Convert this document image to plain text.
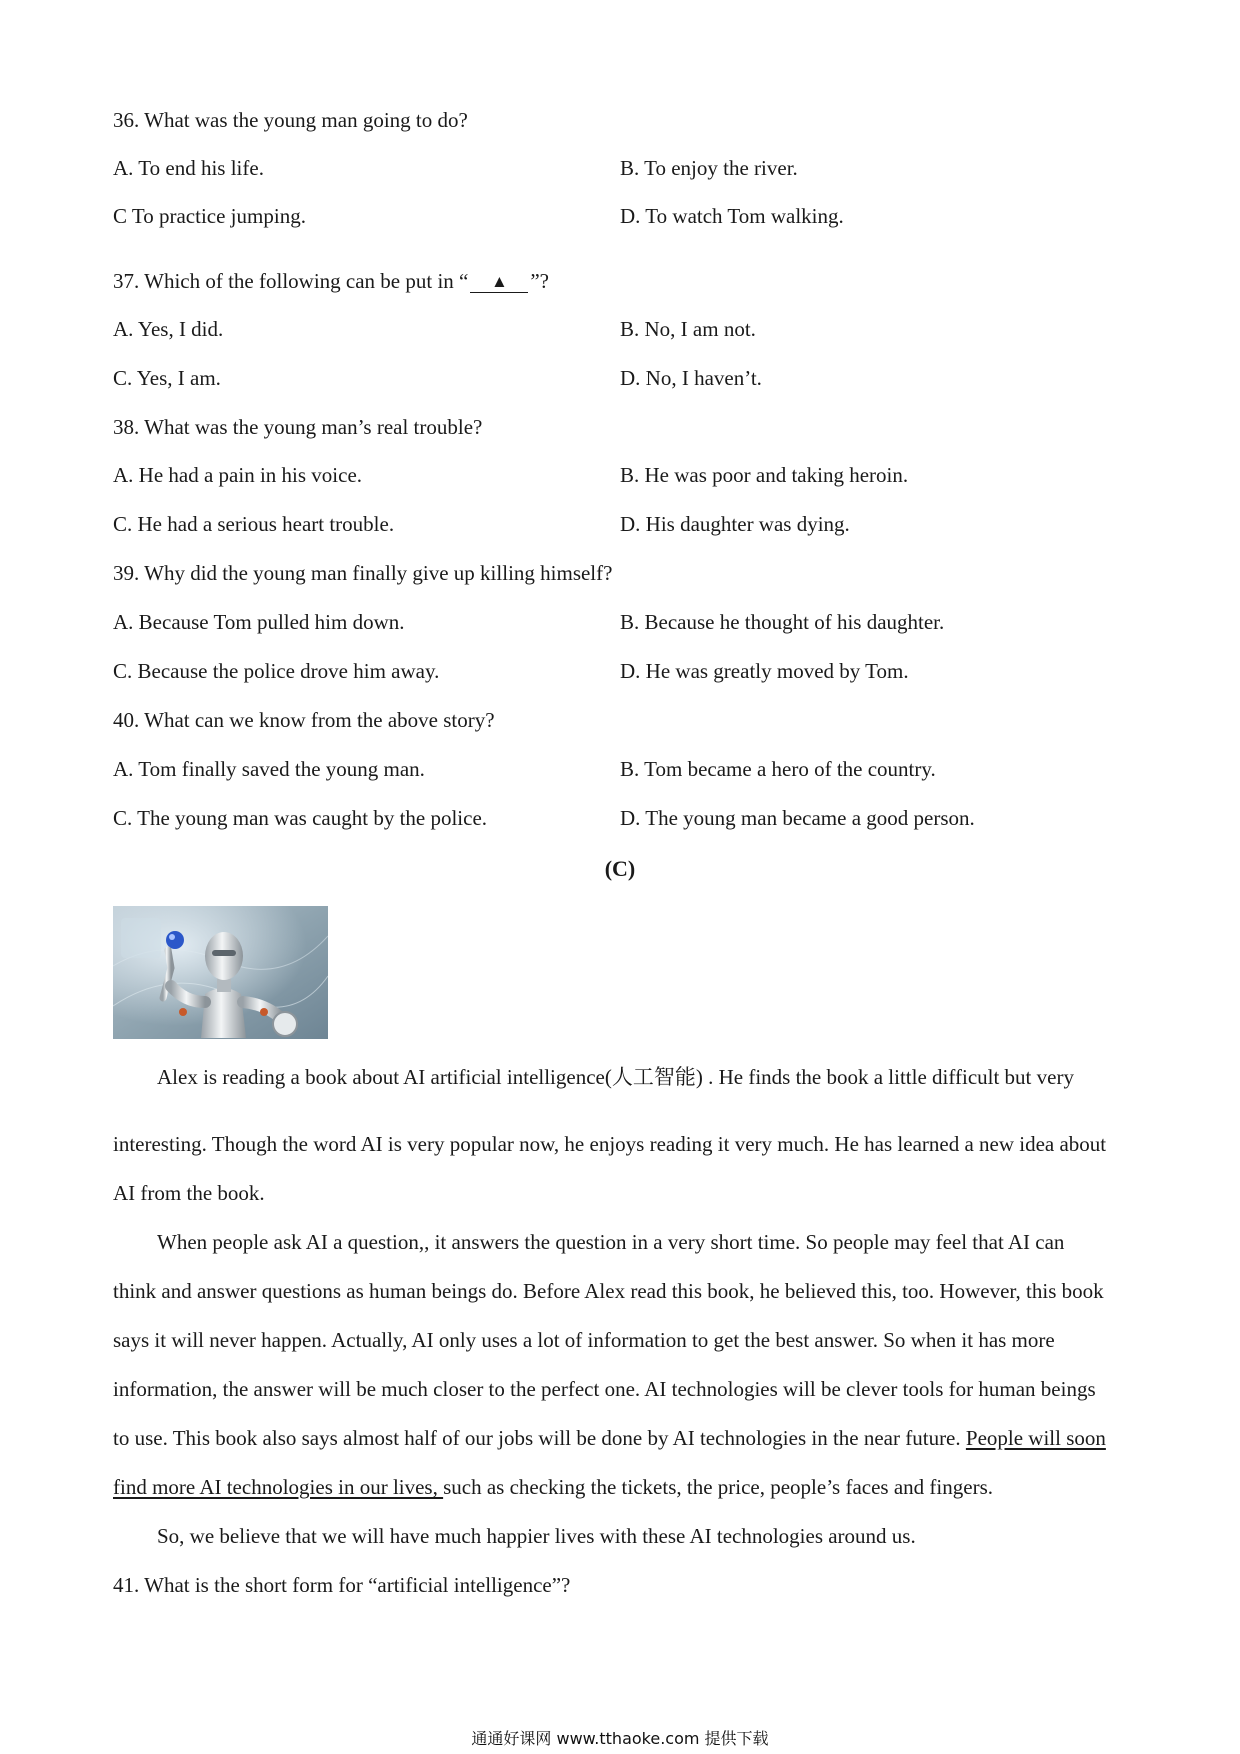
36. What was the young man going to do?
A. To end his life.	B. To enjoy the river.
C To practice jumping.	D. To watch Tom walking.
37. Which of the following can be put in “ ▲ ”?
A. Yes, I did.	B. No, I am not.
C. Yes, I am.	D. No, I haven’t.
38. What was the young man’s real trouble?
A. He had a pain in his voice.	B. He was poor and taking heroin.
C. He had a serious heart trouble.	D. His daughter was dying.
39. Why did the young man finally give up killing himself?
A. Because Tom pulled him down.	B. Because he thought of his daughter.
C. Because the police drove him away.	D. He was greatly moved by Tom.
40. What can we know from the above story?
A. Tom finally saved the young man.	B. Tom became a hero of the country.
C. The young man was caught by the police.	D. The young man became a good person.
(C)
Alex is reading a book about AI artificial intelligence(人工智能) . He finds the book a little difficult but very
interesting. Though the word AI is very popular now, he enjoys reading it very much. He has learned a new idea about
AI from the book.
When people ask AI a question,, it answers the question in a very short time. So people may feel that AI can
think and answer questions as human beings do. Before Alex read this book, he believed this, too. However, this book
says it will never happen. Actually, AI only uses a lot of information to get the best answer. So when it has more
information, the answer will be much closer to the perfect one. AI technologies will be clever tools for human beings
to use. This book also says almost half of our jobs will be done by AI technologies in the near future. People will soon
find more AI technologies in our lives, such as checking the tickets, the price, people’s faces and fingers.
So, we believe that we will have much happier lives with these AI technologies around us.
41. What is the short form for “artificial intelligence”?
通通好课网 www.tthaoke.com 提供下载
